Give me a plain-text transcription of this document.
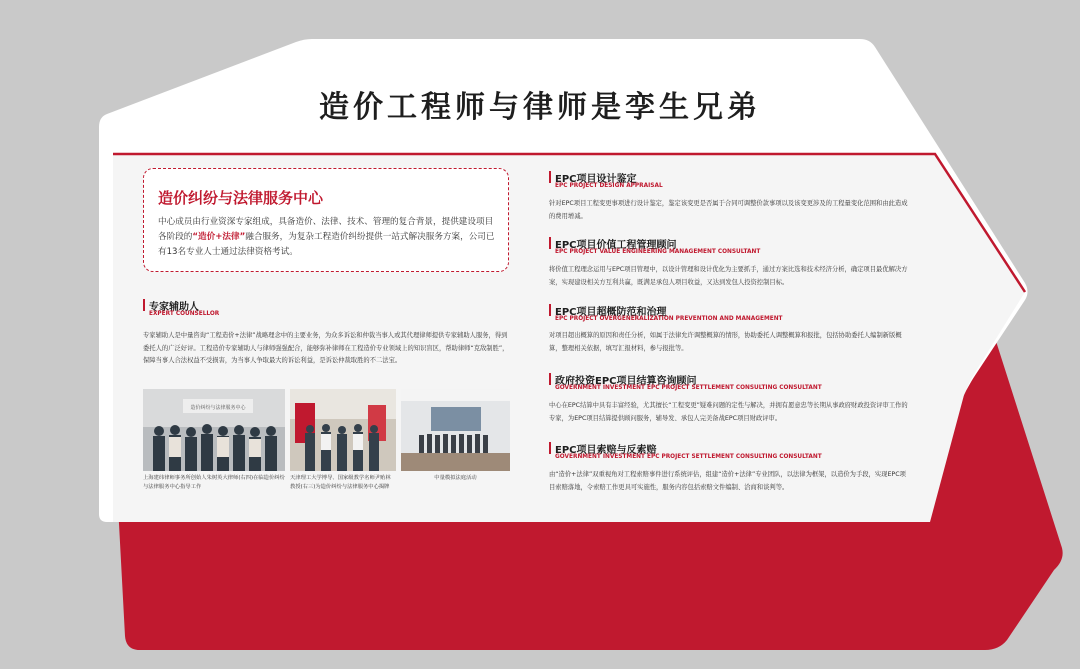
造价工程师与律师是孪生兄弟
造价纠纷与法律服务中心
中心成员由行业资深专家组成，具备造价、法律、技术、管理的复合背景，提供建设项目各阶段的“造价+法律”融合服务，为复杂工程造价纠纷提供一站式解决服务方案，公司已有13名专业人士通过法律资格考试。
专家辅助人
EXPERT COUNSELLOR
专家辅助人是中量咨询“工程造价+法律”战略理念中的主要业务，为众多诉讼和仲裁当事人或其代理律师提供专家辅助人服务，得到委托人的广泛好评。工程造价专家辅助人与律师强强配合，能够弥补律师在工程造价专业领域上的知识盲区，帮助律师“克敌制胜”，保障当事人合法权益不受损害，为当事人争取最大的诉讼利益，是诉讼仲裁取胜的不二法宝。
造价纠纷与法律服务中心
上海建纬律师事务所创始人朱树英大律师(右四)在临造价纠纷与法律服务中心指导工作
天津理工大学博导、国家级教学名师尹贻林教授(右三)为造价纠纷与法律服务中心揭牌
中量模拟法庭活动
EPC项目设计鉴定
EPC PROJECT DESIGN APPRAISAL
针对EPC项目工程变更事项进行设计鉴定，鉴定该变更是否属于合同可调整价款事项以及该变更涉及的工程量变化范围和由此造成的费用增减。
EPC项目价值工程管理顾问
EPC PROJECT VALUE ENGINEERING MANAGEMENT CONSULTANT
将价值工程理念运用与EPC项目管理中，以设计管理和设计优化为主要抓手，通过方案比选和技术经济分析，确定项目最优解决方案，实现建设相关方互利共赢，既满足承包人项目收益，又达到发包人投资控制目标。
EPC项目超概防范和治理
EPC PROJECT OVERGENERALIZATION PREVENTION AND MANAGEMENT
对项目超出概算的原因和责任分析，如属于法律允许调整概算的情形，协助委托人调整概算和报批，包括协助委托人编制新版概算，整理相关依据，填写汇报材料，参与报批等。
政府投资EPC项目结算咨询顾问
GOVERNMENT INVESTMENT EPC PROJECT SETTLEMENT CONSULTING CONSULTANT
中心在EPC结算中具有丰富经验，尤其擅长“工程变更”疑难问题的定性与解决，并拥有愿意忠等长期从事政府财政投资评审工作的专家，为EPC项目结算提供顾问服务，辅导发、承包人完美备战EPC项目财政评审。
EPC项目索赔与反索赔
GOVERNMENT INVESTMENT EPC PROJECT SETTLEMENT CONSULTING CONSULTANT
由“造价+法律”双重视角对工程索赔事件进行系统评估，组建“造价+法律”专业团队，以法律为框架，以造价为手段，实现EPC项目索赔落地，令索赔工作更具可实施性，服务内容包括索赔文件编制、洽商和谈判等。
